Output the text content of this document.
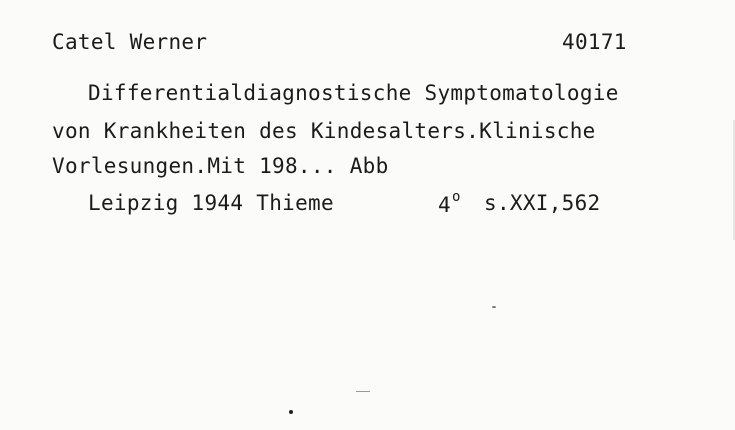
Catel Werner	40171
Differentialdiagnostische Symptomatologie
von Krankheiten des Kindesalters.Klinische
Vorlesungen.Mit 198... Abb
Leipzig 1944 Thieme	4$^o$ s.XXI,562
